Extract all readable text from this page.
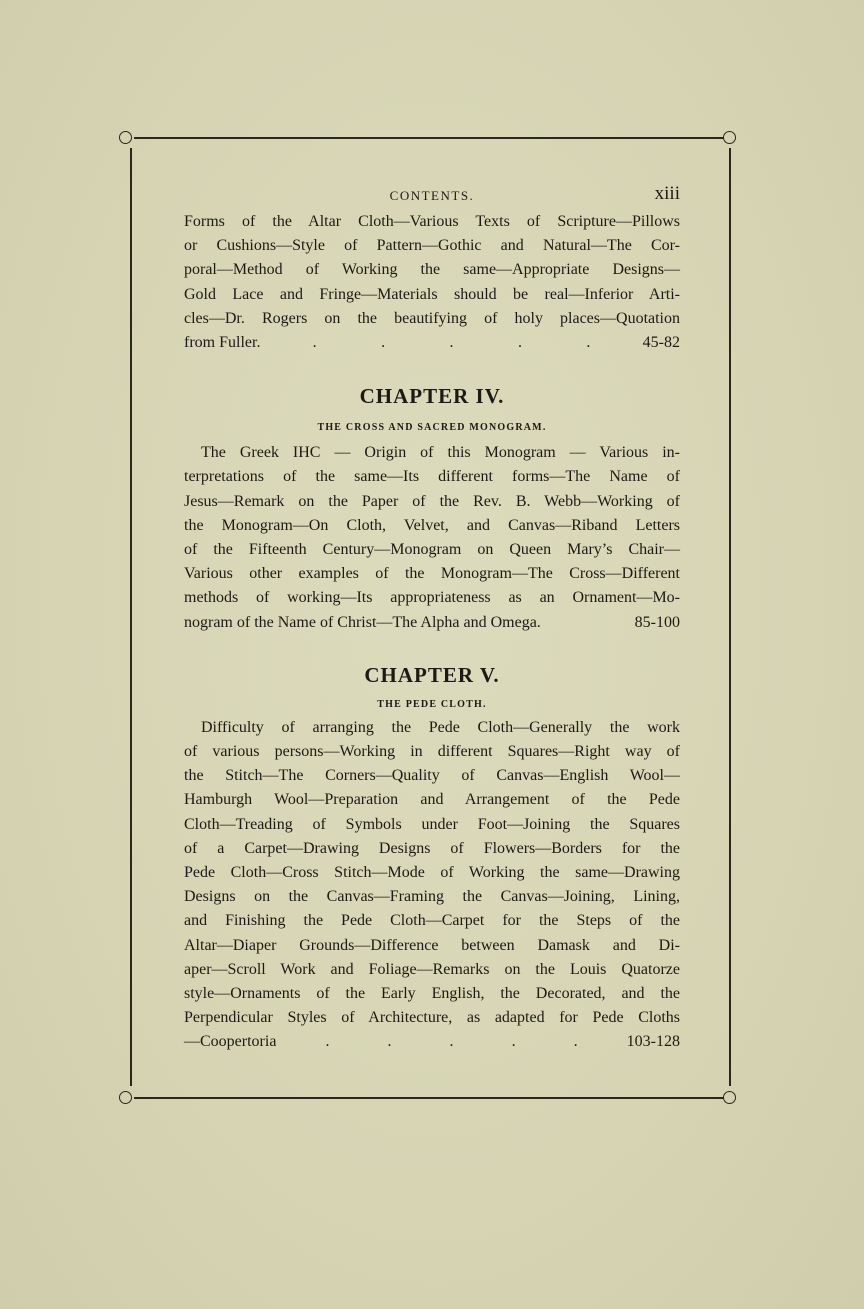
CONTENTS.	xiii

Forms of the Altar Cloth—Various Texts of Scripture—Pillows
or Cushions—Style of Pattern—Gothic and Natural—The Cor-
poral—Method of Working the same—Appropriate Designs—
Gold Lace and Fringe—Materials should be real—Inferior Arti-
cles—Dr. Rogers on the beautifying of holy places—Quotation

from Fuller.	.	.	.	.	.	45-82
CHAPTER IV.
THE CROSS AND SACRED MONOGRAM.

The Greek IHC — Origin of this Monogram — Various in-
terpretations of the same—Its different forms—The Name of
Jesus—Remark on the Paper of the Rev. B. Webb—Working of
the Monogram—On Cloth, Velvet, and Canvas—Riband Letters
of the Fifteenth Century—Monogram on Queen Mary’s Chair—
Various other examples of the Monogram—The Cross—Different
methods of working—Its appropriateness as an Ornament—Mo-

nogram of the Name of Christ—The Alpha and Omega.	85-100
CHAPTER V.
THE PEDE CLOTH.

Difficulty of arranging the Pede Cloth—Generally the work
of various persons—Working in different Squares—Right way of
the Stitch—The Corners—Quality of Canvas—English Wool—
Hamburgh Wool—Preparation and Arrangement of the Pede
Cloth—Treading of Symbols under Foot—Joining the Squares
of a Carpet—Drawing Designs of Flowers—Borders for the
Pede Cloth—Cross Stitch—Mode of Working the same—Drawing
Designs on the Canvas—Framing the Canvas—Joining, Lining,
and Finishing the Pede Cloth—Carpet for the Steps of the
Altar—Diaper Grounds—Difference between Damask and Di-
aper—Scroll Work and Foliage—Remarks on the Louis Quatorze
style—Ornaments of the Early English, the Decorated, and the
Perpendicular Styles of Architecture, as adapted for Pede Cloths

—Coopertoria	.	.	.	.	.	103-128
